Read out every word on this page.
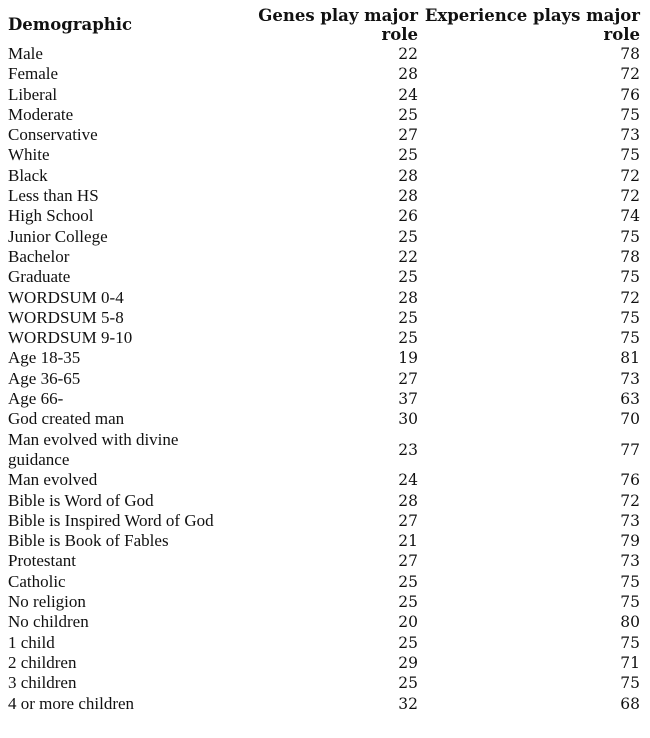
Demographic	Genes play major role	Experience plays major role
Male	22	78
Female	28	72
Liberal	24	76
Moderate	25	75
Conservative	27	73
White	25	75
Black	28	72
Less than HS	28	72
High School	26	74
Junior College	25	75
Bachelor	22	78
Graduate	25	75
WORDSUM 0-4	28	72
WORDSUM 5-8	25	75
WORDSUM 9-10	25	75
Age 18-35	19	81
Age 36-65	27	73
Age 66-	37	63
God created man	30	70
Man evolved with divine guidance	23	77
Man evolved	24	76
Bible is Word of God	28	72
Bible is Inspired Word of God	27	73
Bible is Book of Fables	21	79
Protestant	27	73
Catholic	25	75
No religion	25	75
No children	20	80
1 child	25	75
2 children	29	71
3 children	25	75
4 or more children	32	68
